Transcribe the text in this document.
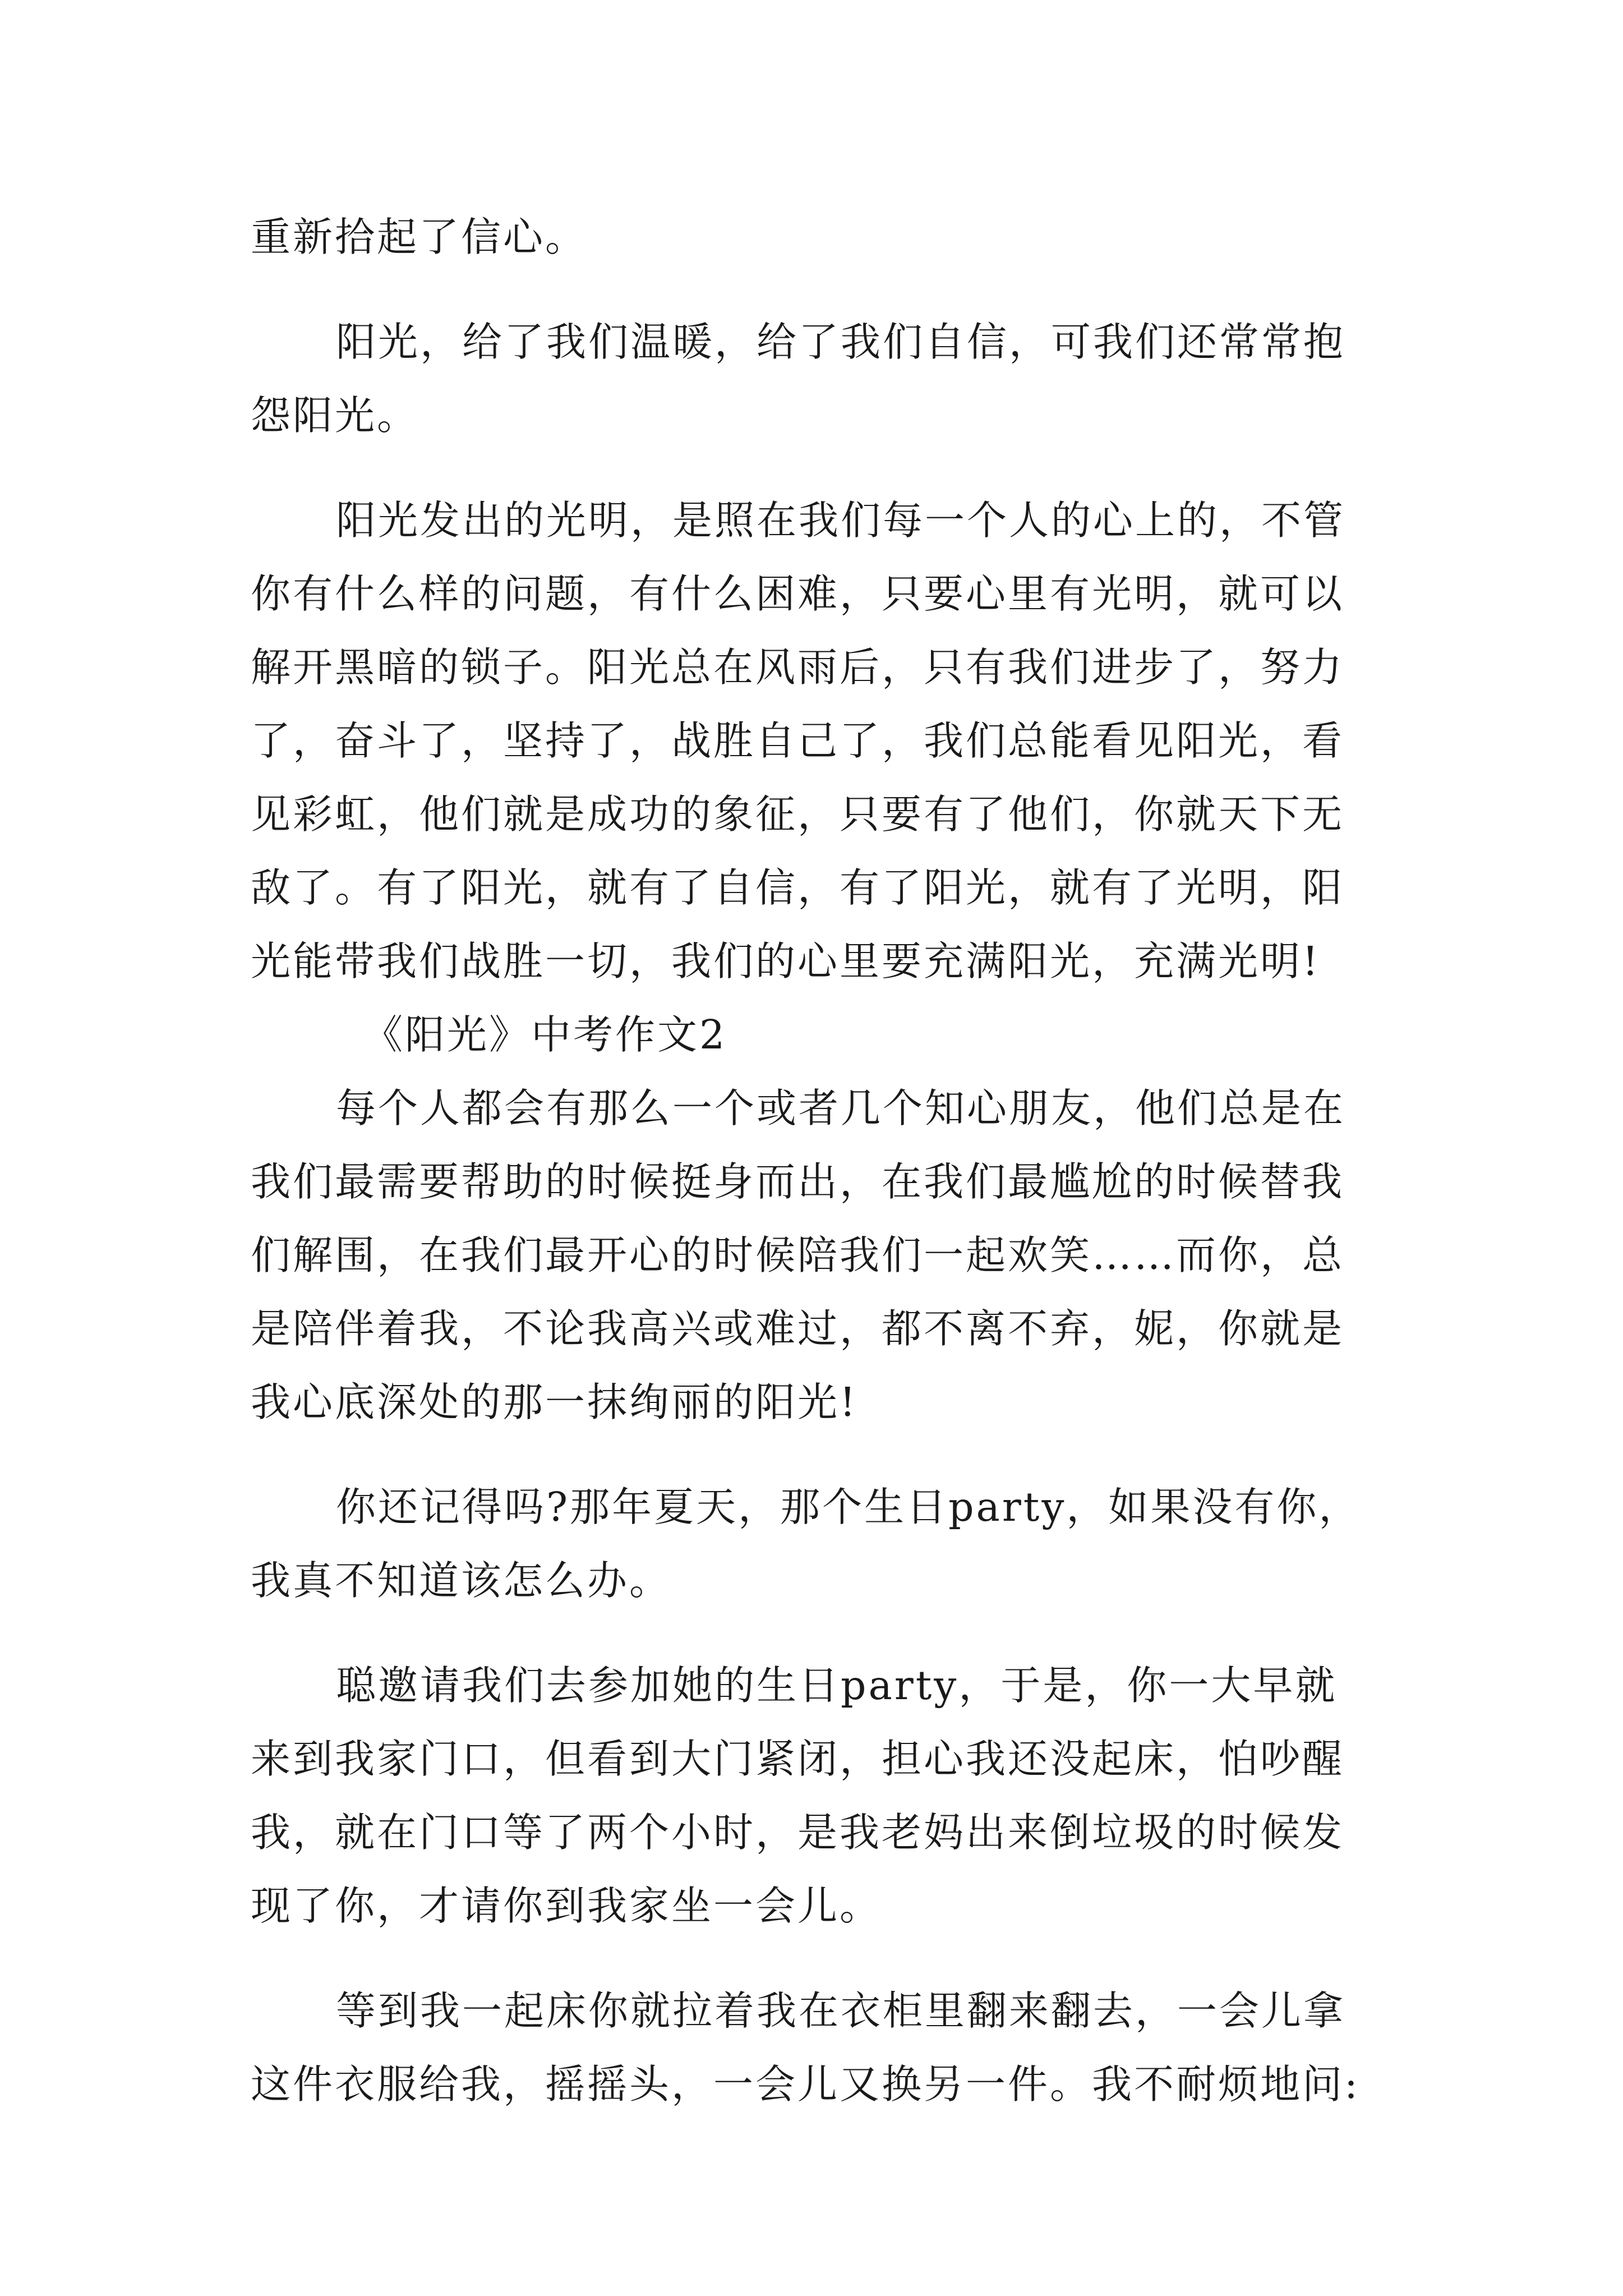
重新拾起了信心。
阳光，给了我们温暖，给了我们自信，可我们还常常抱
怨阳光。
阳光发出的光明，是照在我们每一个人的心上的，不管
你有什么样的问题，有什么困难，只要心里有光明，就可以
解开黑暗的锁子。阳光总在风雨后，只有我们进步了，努力
了，奋斗了，坚持了，战胜自己了，我们总能看见阳光，看
见彩虹，他们就是成功的象征，只要有了他们，你就天下无
敌了。有了阳光，就有了自信，有了阳光，就有了光明，阳
光能带我们战胜一切，我们的心里要充满阳光，充满光明!
《阳光》中考作文2
每个人都会有那么一个或者几个知心朋友，他们总是在
我们最需要帮助的时候挺身而出，在我们最尴尬的时候替我
们解围，在我们最开心的时候陪我们一起欢笑……而你，总
是陪伴着我，不论我高兴或难过，都不离不弃，妮，你就是
我心底深处的那一抹绚丽的阳光!
你还记得吗?那年夏天，那个生日party，如果没有你，
我真不知道该怎么办。
聪邀请我们去参加她的生日party，于是，你一大早就
来到我家门口，但看到大门紧闭，担心我还没起床，怕吵醒
我，就在门口等了两个小时，是我老妈出来倒垃圾的时候发
现了你，才请你到我家坐一会儿。
等到我一起床你就拉着我在衣柜里翻来翻去，一会儿拿
这件衣服给我，摇摇头，一会儿又换另一件。我不耐烦地问:
